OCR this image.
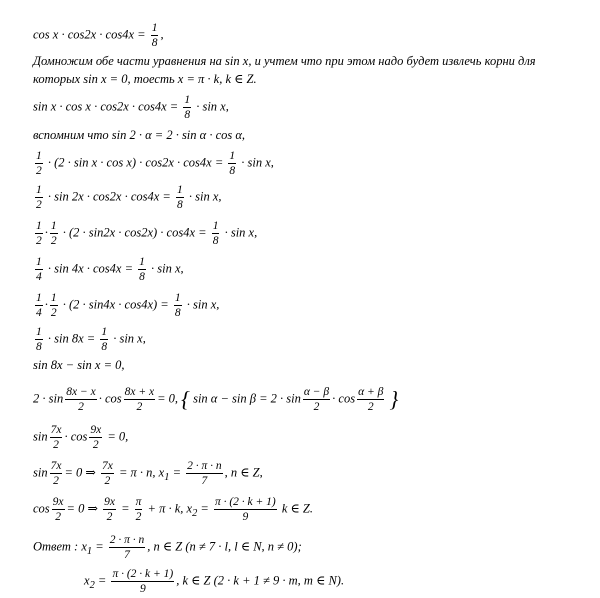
$\cos x \cdot \cos 2x \cdot \cos 4x = \frac{1}{8}$ ,
Домножим обе части уравнения на sin x, и учтем что при этом надо будет извлечь корни для
которых sin x = 0, тоесть x = π · k, k ∈ Z.
$\sin x \cdot \cos x \cdot \cos 2x \cdot \cos 4x = \frac{1}{8} \cdot \sin x$,
вспомним что sin 2 · α = 2 · sin α · cos α,
$\frac{1}{2} \cdot (2 \cdot \sin x \cdot \cos x) \cdot \cos 2x \cdot \cos 4x = \frac{1}{8} \cdot \sin x$,
$\frac{1}{2} \cdot \sin 2x \cdot \cos 2x \cdot \cos 4x = \frac{1}{8} \cdot \sin x$,
$\frac{1}{2} \cdot \frac{1}{2} \cdot (2 \cdot \sin 2x \cdot \cos 2x) \cdot \cos 4x = \frac{1}{8} \cdot \sin x$,
$\frac{1}{4} \cdot \sin 4x \cdot \cos 4x = \frac{1}{8} \cdot \sin x$,
$\frac{1}{4} \cdot \frac{1}{2} \cdot (2 \cdot \sin 4x \cdot \cos 4x) = \frac{1}{8} \cdot \sin x$,
$\frac{1}{8} \cdot \sin 8x = \frac{1}{8} \cdot \sin x$,
sin 8x − sin x = 0,
$2 \cdot \sin \frac{8x - x}{2} \cdot \cos \frac{8x + x}{2} = 0$, { $\sin \alpha - \sin \beta = 2 \cdot \sin \frac{\alpha - \beta}{2} \cdot \cos \frac{\alpha + \beta}{2}$ }
$\sin \frac{7x}{2} \cdot \cos \frac{9x}{2} = 0$,
$\sin \frac{7x}{2} = 0$ ⇒ $\frac{7x}{2} = \pi \cdot n$, $x_1 = \frac{2 \cdot \pi \cdot n}{7}$ , n ∈ Z,
$\cos \frac{9x}{2} = 0$ ⇒ $\frac{9x}{2} = \frac{\pi}{2} + \pi \cdot k$, $x_2 = \frac{\pi \cdot (2 \cdot k + 1)}{9}$ k ∈ Z.
Ответ : $x_1 = \frac{2 \cdot \pi \cdot n}{7}$ , n ∈ Z (n ≠ 7 · l, l ∈ N, n ≠ 0);
$x_2 = \frac{\pi \cdot (2 \cdot k + 1)}{9}$ , k ∈ Z (2 · k + 1 ≠ 9 · m, m ∈ N).
